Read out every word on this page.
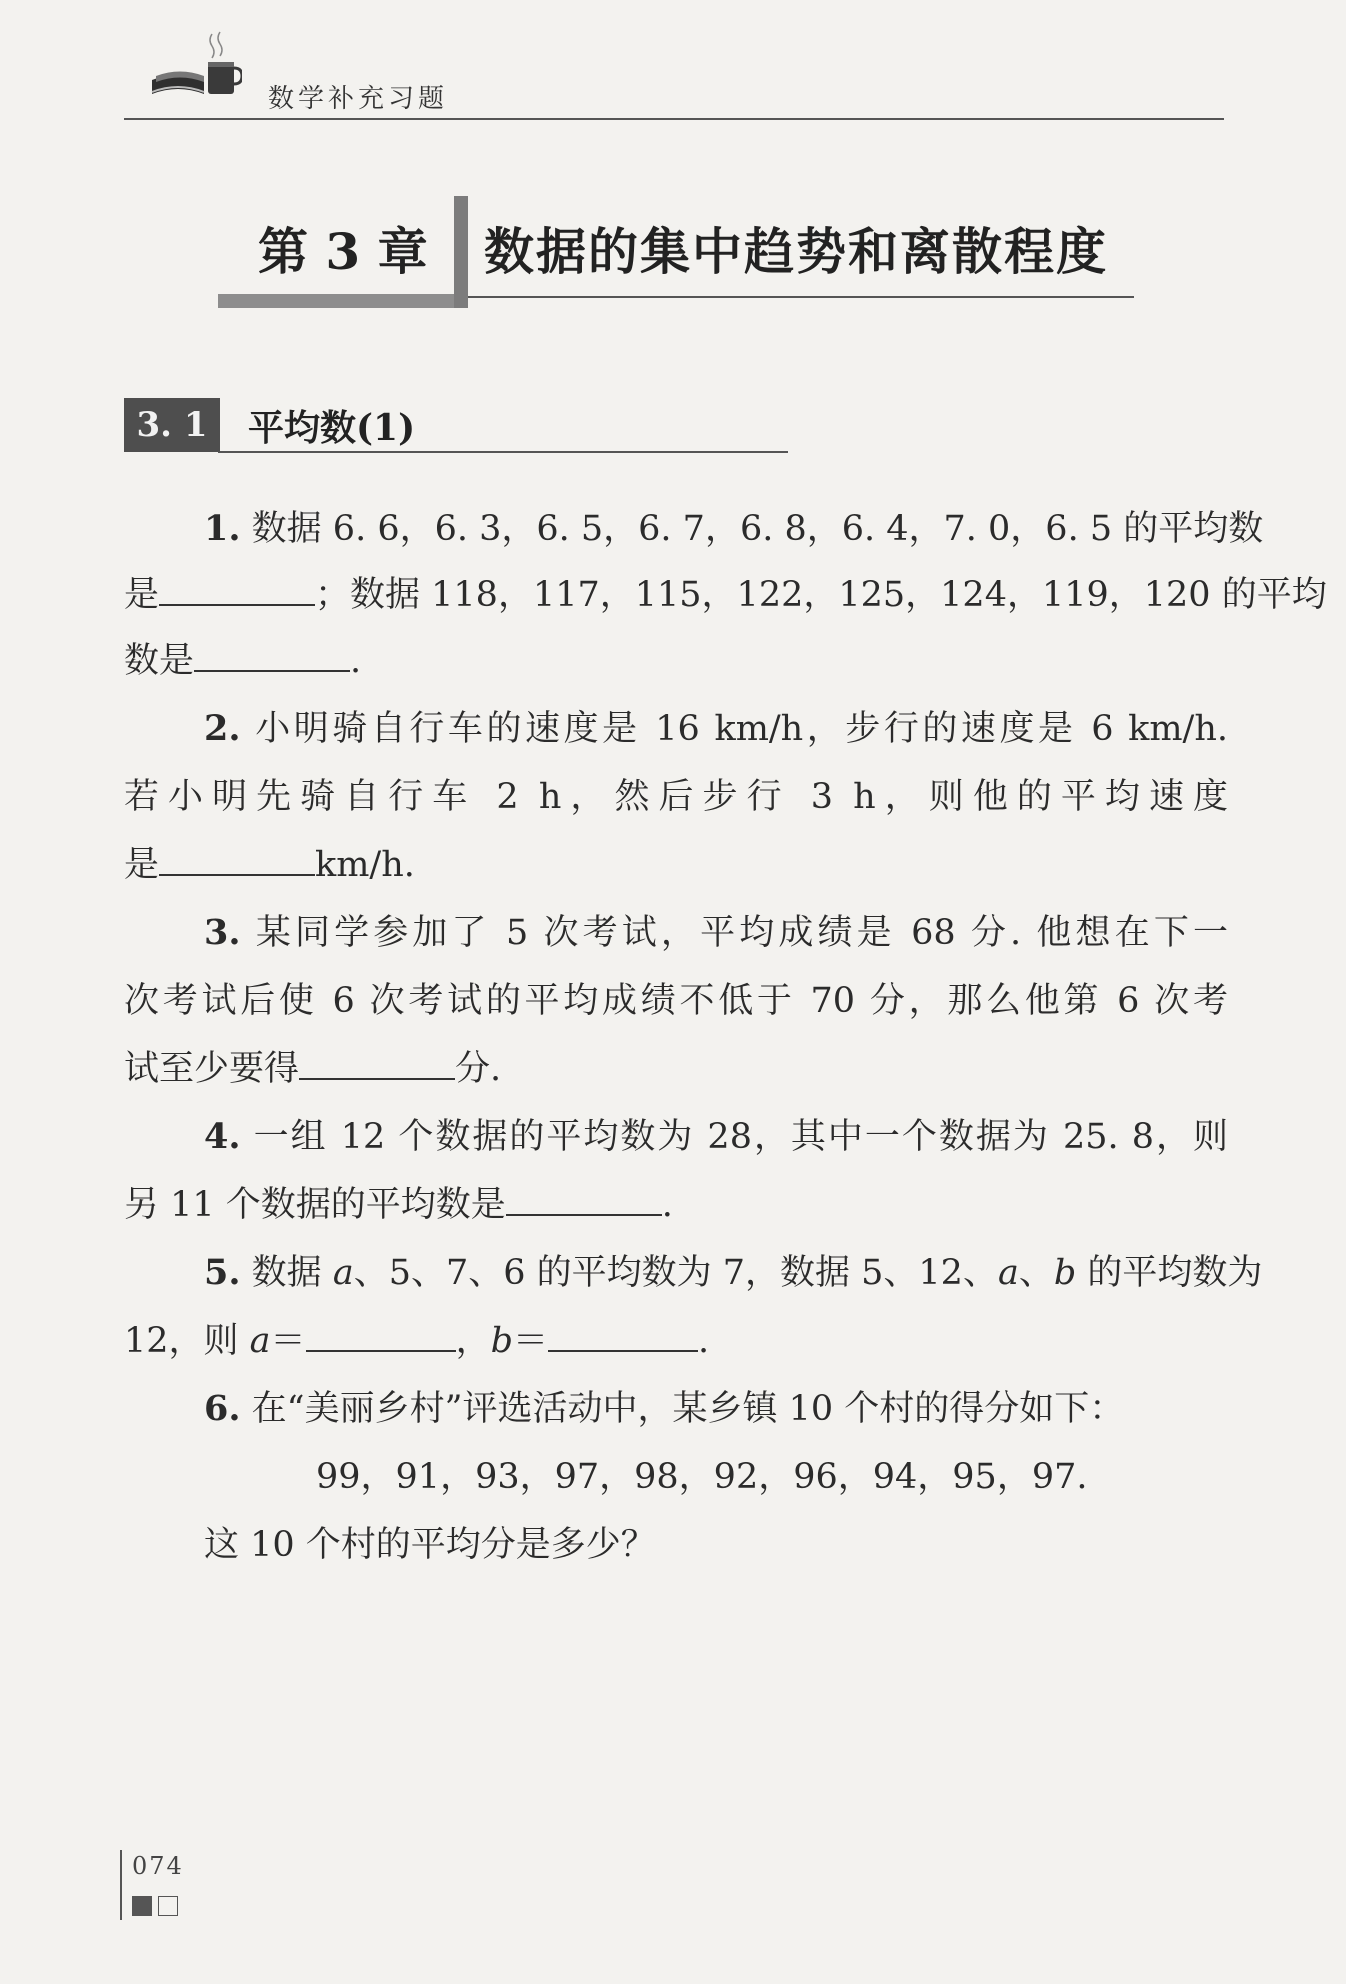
数学补充习题
第 3 章 数据的集中趋势和离散程度
3. 1	平均数(1)
1. 数据 6. 6，6. 3，6. 5，6. 7，6. 8，6. 4，7. 0，6. 5 的平均数
是	；数据 118，117，115，122，125，124，119，120 的平均
数是	.
2. 小明骑自行车的速度是 16 km/h，步行的速度是 6 km/h.
若小明先骑自行车 2 h，然后步行 3 h，则他的平均速度
是	km/h.
3. 某同学参加了 5 次考试，平均成绩是 68 分. 他想在下一
次考试后使 6 次考试的平均成绩不低于 70 分，那么他第 6 次考
试至少要得	分.
4. 一组 12 个数据的平均数为 28，其中一个数据为 25. 8，则
另 11 个数据的平均数是	.
5. 数据 a、5、7、6 的平均数为 7，数据 5、12、a、b 的平均数为
12，则 a＝	，b＝	.
6. 在“美丽乡村”评选活动中，某乡镇 10 个村的得分如下：
99，91，93，97，98，92，96，94，95，97.
这 10 个村的平均分是多少？
074
